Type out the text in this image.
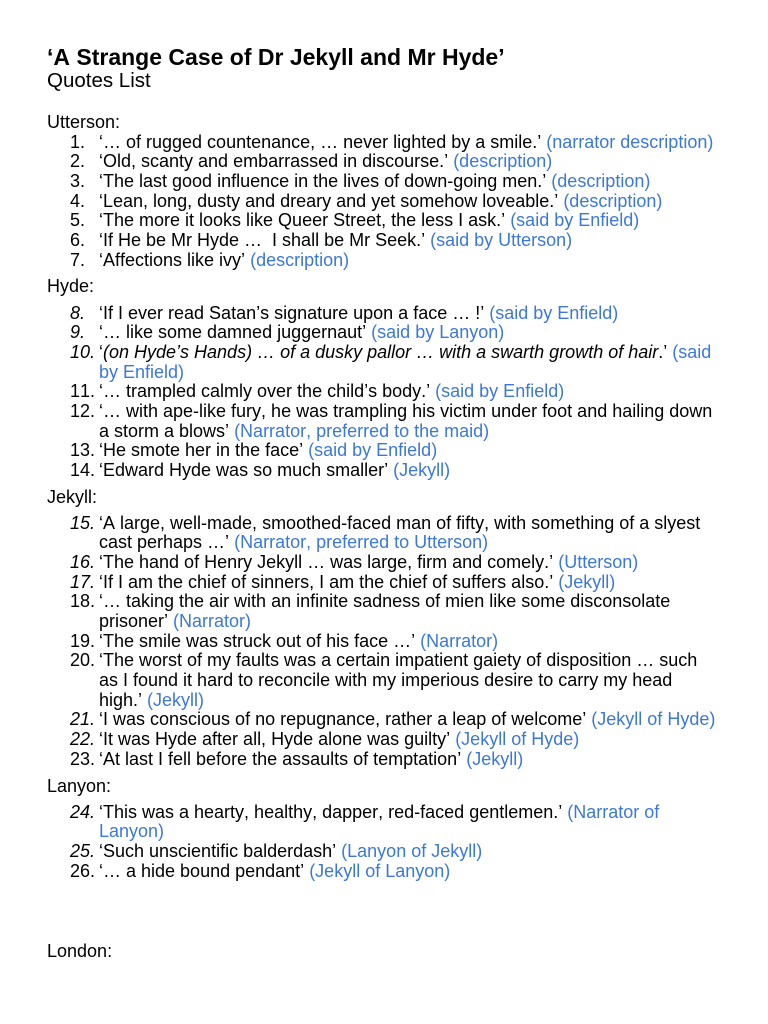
‘A Strange Case of Dr Jekyll and Mr Hyde’
Quotes List
Utterson:
1. ‘… of rugged countenance, … never lighted by a smile.’ (narrator description)
2. ‘Old, scanty and embarrassed in discourse.’ (description)
3. ‘The last good influence in the lives of down-going men.’ (description)
4. ‘Lean, long, dusty and dreary and yet somehow loveable.’ (description)
5. ‘The more it looks like Queer Street, the less I ask.’ (said by Enfield)
6. ‘If He be Mr Hyde …  I shall be Mr Seek.’ (said by Utterson)
7. ‘Affections like ivy’ (description)
Hyde:
8. ‘If I ever read Satan’s signature upon a face … !’ (said by Enfield)
9. ‘… like some damned juggernaut’ (said by Lanyon)
10. ‘(on Hyde’s Hands) … of a dusky pallor … with a swarth growth of hair.’ (said by Enfield)
11. ‘… trampled calmly over the child’s body.’ (said by Enfield)
12. ‘… with ape-like fury, he was trampling his victim under foot and hailing down a storm a blows’ (Narrator, preferred to the maid)
13. ‘He smote her in the face’ (said by Enfield)
14. ‘Edward Hyde was so much smaller’ (Jekyll)
Jekyll:
15. ‘A large, well-made, smoothed-faced man of fifty, with something of a slyest cast perhaps …’ (Narrator, preferred to Utterson)
16. ‘The hand of Henry Jekyll … was large, firm and comely.’ (Utterson)
17. ‘If I am the chief of sinners, I am the chief of suffers also.’ (Jekyll)
18. ‘… taking the air with an infinite sadness of mien like some disconsolate prisoner’ (Narrator)
19. ‘The smile was struck out of his face …’ (Narrator)
20. ‘The worst of my faults was a certain impatient gaiety of disposition … such as I found it hard to reconcile with my imperious desire to carry my head high.’ (Jekyll)
21. ‘I was conscious of no repugnance, rather a leap of welcome’ (Jekyll of Hyde)
22. ‘It was Hyde after all, Hyde alone was guilty’ (Jekyll of Hyde)
23. ‘At last I fell before the assaults of temptation’ (Jekyll)
Lanyon:
24. ‘This was a hearty, healthy, dapper, red-faced gentlemen.’ (Narrator of Lanyon)
25. ‘Such unscientific balderdash’ (Lanyon of Jekyll)
26. ‘… a hide bound pendant’ (Jekyll of Lanyon)
London:
